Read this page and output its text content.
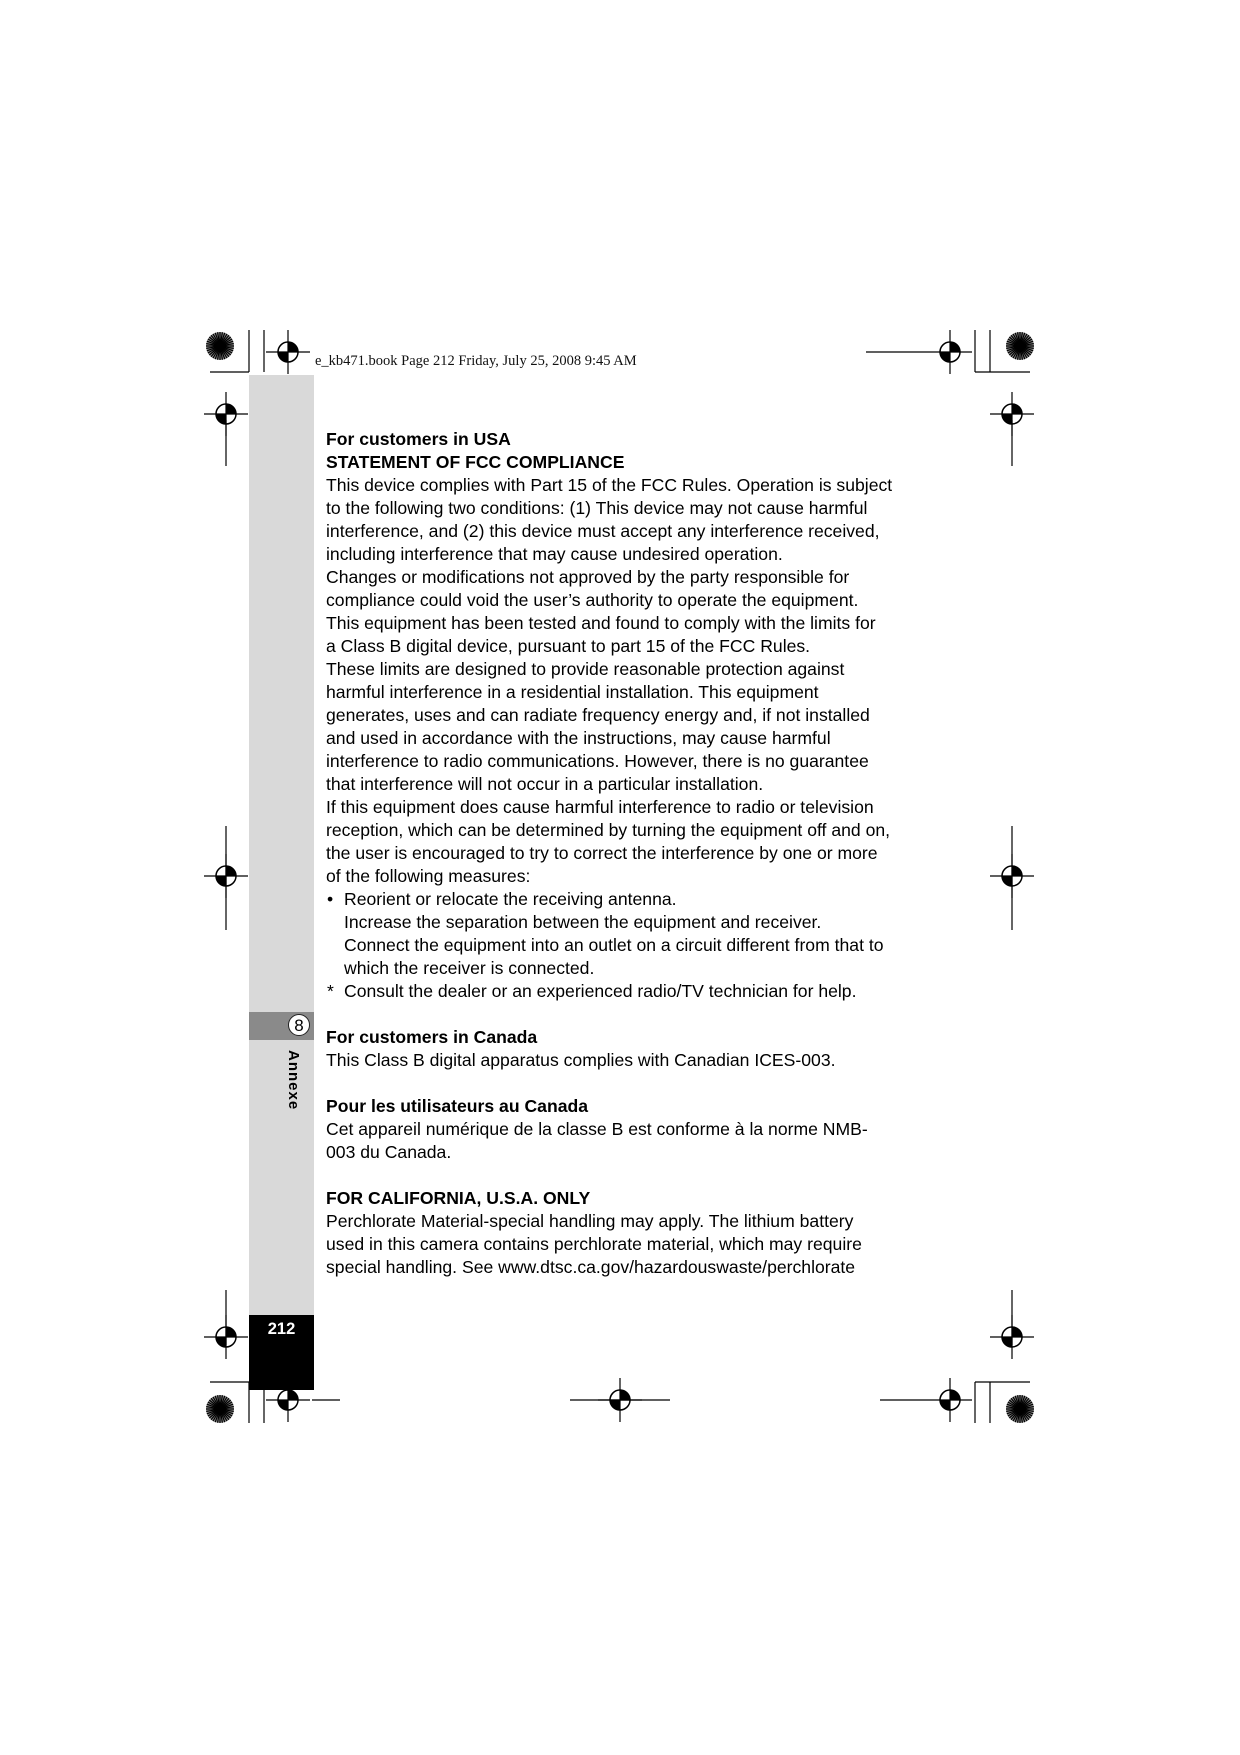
e_kb471.book Page 212 Friday, July 25, 2008 9:45 AM
8
Annexe
212

For customers in USA

STATEMENT OF FCC COMPLIANCE

This device complies with Part 15 of the FCC Rules. Operation is subject

to the following two conditions: (1) This device may not cause harmful

interference, and (2) this device must accept any interference received,

including interference that may cause undesired operation.

Changes or modifications not approved by the party responsible for

compliance could void the user’s authority to operate the equipment.

This equipment has been tested and found to comply with the limits for

a Class B digital device, pursuant to part 15 of the FCC Rules.

These limits are designed to provide reasonable protection against

harmful interference in a residential installation. This equipment

generates, uses and can radiate frequency energy and, if not installed

and used in accordance with the instructions, may cause harmful

interference to radio communications. However, there is no guarantee

that interference will not occur in a particular installation.

If this equipment does cause harmful interference to radio or television

reception, which can be determined by turning the equipment off and on,

the user is encouraged to try to correct the interference by one or more

of the following measures:

• Reorient or relocate the receiving antenna.
Increase the separation between the equipment and receiver.
Connect the equipment into an outlet on a circuit different from that to
which the receiver is connected.
* Consult the dealer or an experienced radio/TV technician for help.

For customers in Canada

This Class B digital apparatus complies with Canadian ICES-003.

Pour les utilisateurs au Canada

Cet appareil numérique de la classe B est conforme à la norme NMB-

003 du Canada.

FOR CALIFORNIA, U.S.A. ONLY

Perchlorate Material-special handling may apply. The lithium battery

used in this camera contains perchlorate material, which may require

special handling. See www.dtsc.ca.gov/hazardouswaste/perchlorate
